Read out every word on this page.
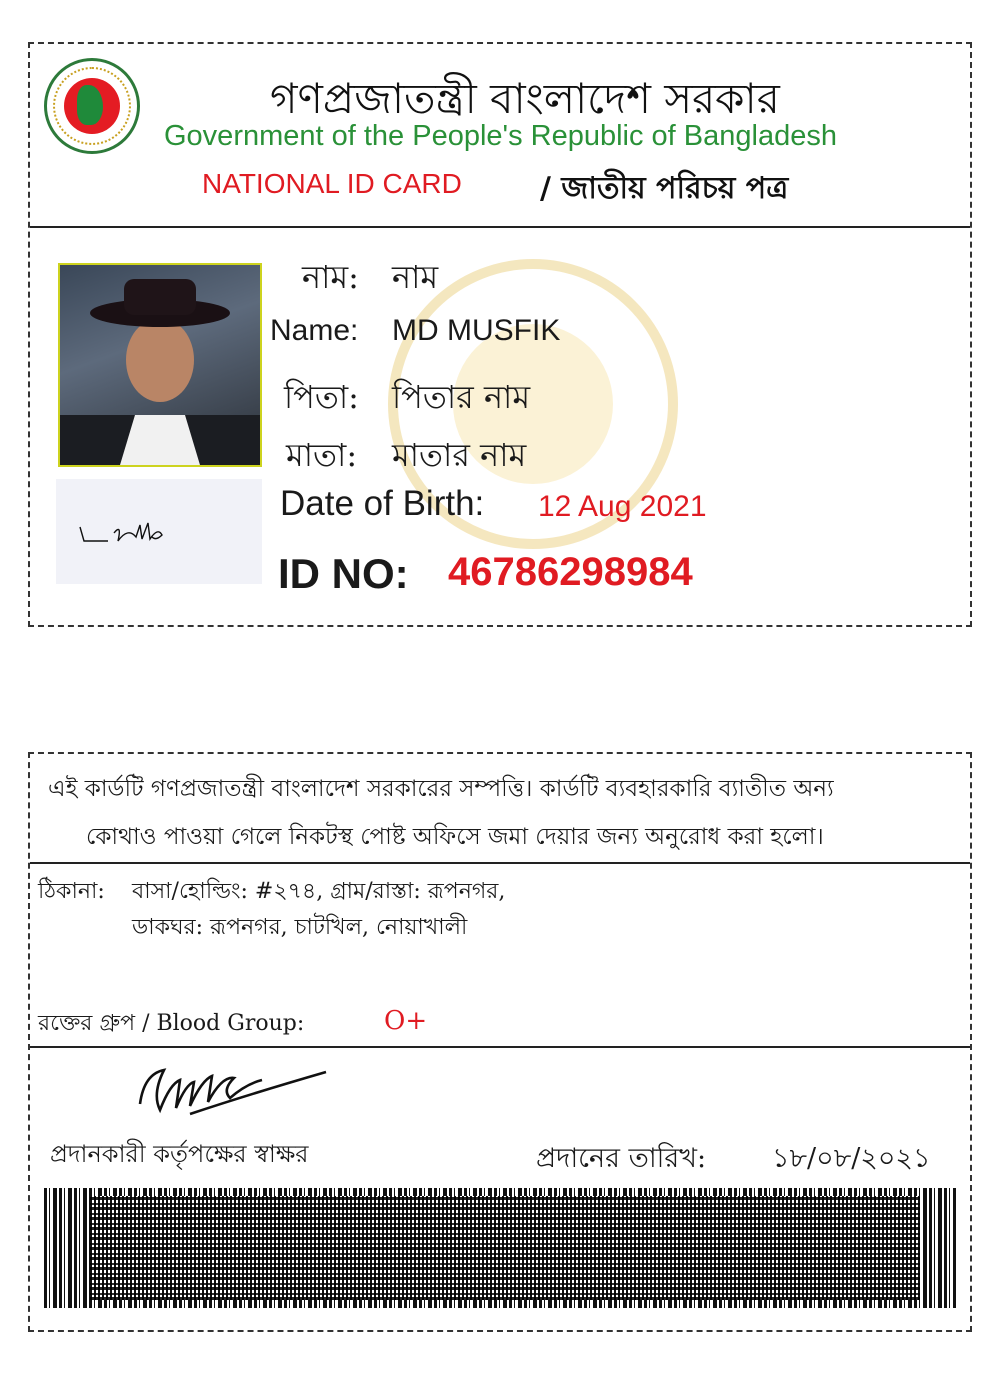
গণপ্রজাতন্ত্রী বাংলাদেশ সরকার
Government of the People's Republic of Bangladesh
NATIONAL ID CARD	/ জাতীয় পরিচয় পত্র
নাম: নাম
Name: MD MUSFIK
পিতা: পিতার নাম
মাতা: মাতার নাম
Date of Birth: 12 Aug 2021
ID NO: 46786298984
এই কার্ডটি গণপ্রজাতন্ত্রী বাংলাদেশ সরকারের সম্পত্তি। কার্ডটি ব্যবহারকারি ব্যাতীত অন্য
কোথাও পাওয়া গেলে নিকটস্থ পোষ্ট অফিসে জমা দেয়ার জন্য অনুরোধ করা হলো।
ঠিকানা: বাসা/হোল্ডিং: #২৭৪, গ্রাম/রাস্তা: রূপনগর,
ডাকঘর: রূপনগর, চাটখিল, নোয়াখালী
রক্তের গ্রুপ / Blood Group:	O+
প্রদানকারী কর্তৃপক্ষের স্বাক্ষর	প্রদানের তারিখ: ১৮/০৮/২০২১
